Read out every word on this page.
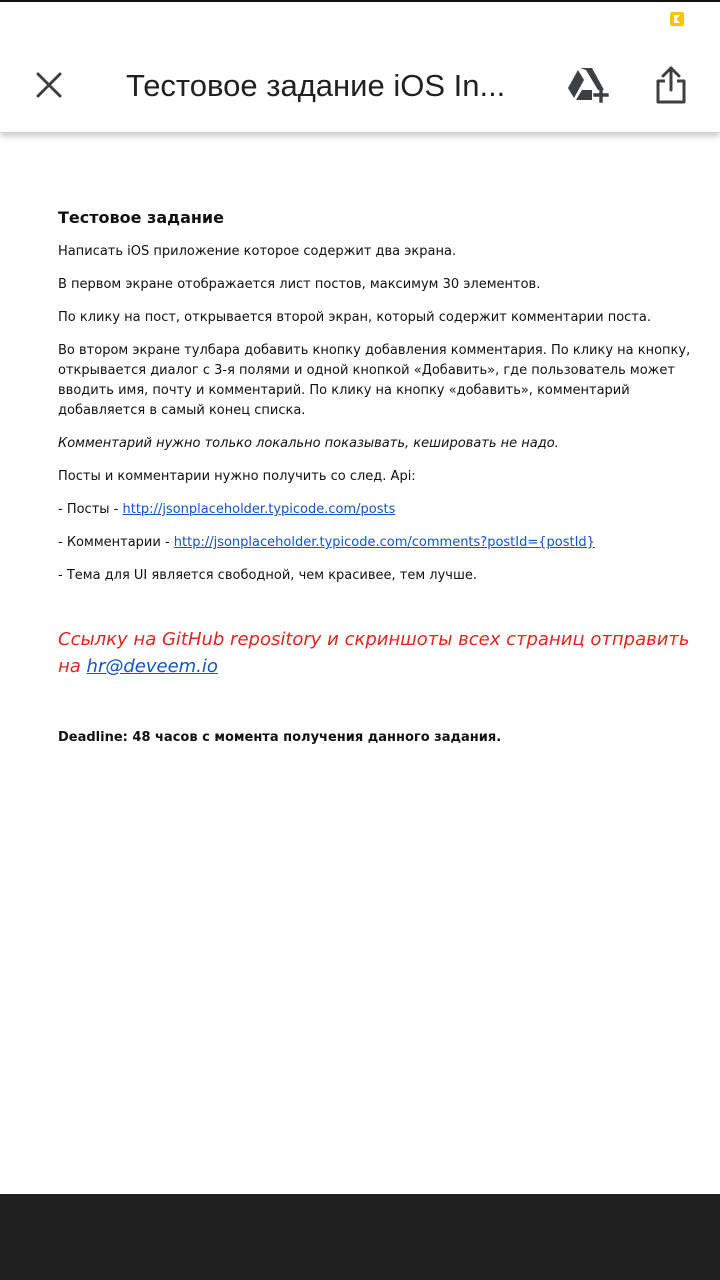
Тестовое задание iOS In...
Тестовое задание

Написать iOS приложение которое содержит два экрана.

В первом экране отображается лист постов, максимум 30 элементов.

По клику на пост, открывается второй экран, который содержит комментарии поста.

Во втором экране тулбара добавить кнопку добавления комментария. По клику на кнопку, открывается диалог с 3-я полями и одной кнопкой «Добавить», где пользователь может вводить имя, почту и комментарий. По клику на кнопку «добавить», комментарий добавляется в самый конец списка.

Комментарий нужно только локально показывать, кешировать не надо.

Посты и комментарии нужно получить со след. Api:

- Посты - http://jsonplaceholder.typicode.com/posts

- Комментарии - http://jsonplaceholder.typicode.com/comments?postId={postId}

- Тема для UI является свободной, чем красивее, тем лучше.

Ссылку на GitHub repository и скриншоты всех страниц отправить на hr@deveem.io

Deadline: 48 часов с момента получения данного задания.
